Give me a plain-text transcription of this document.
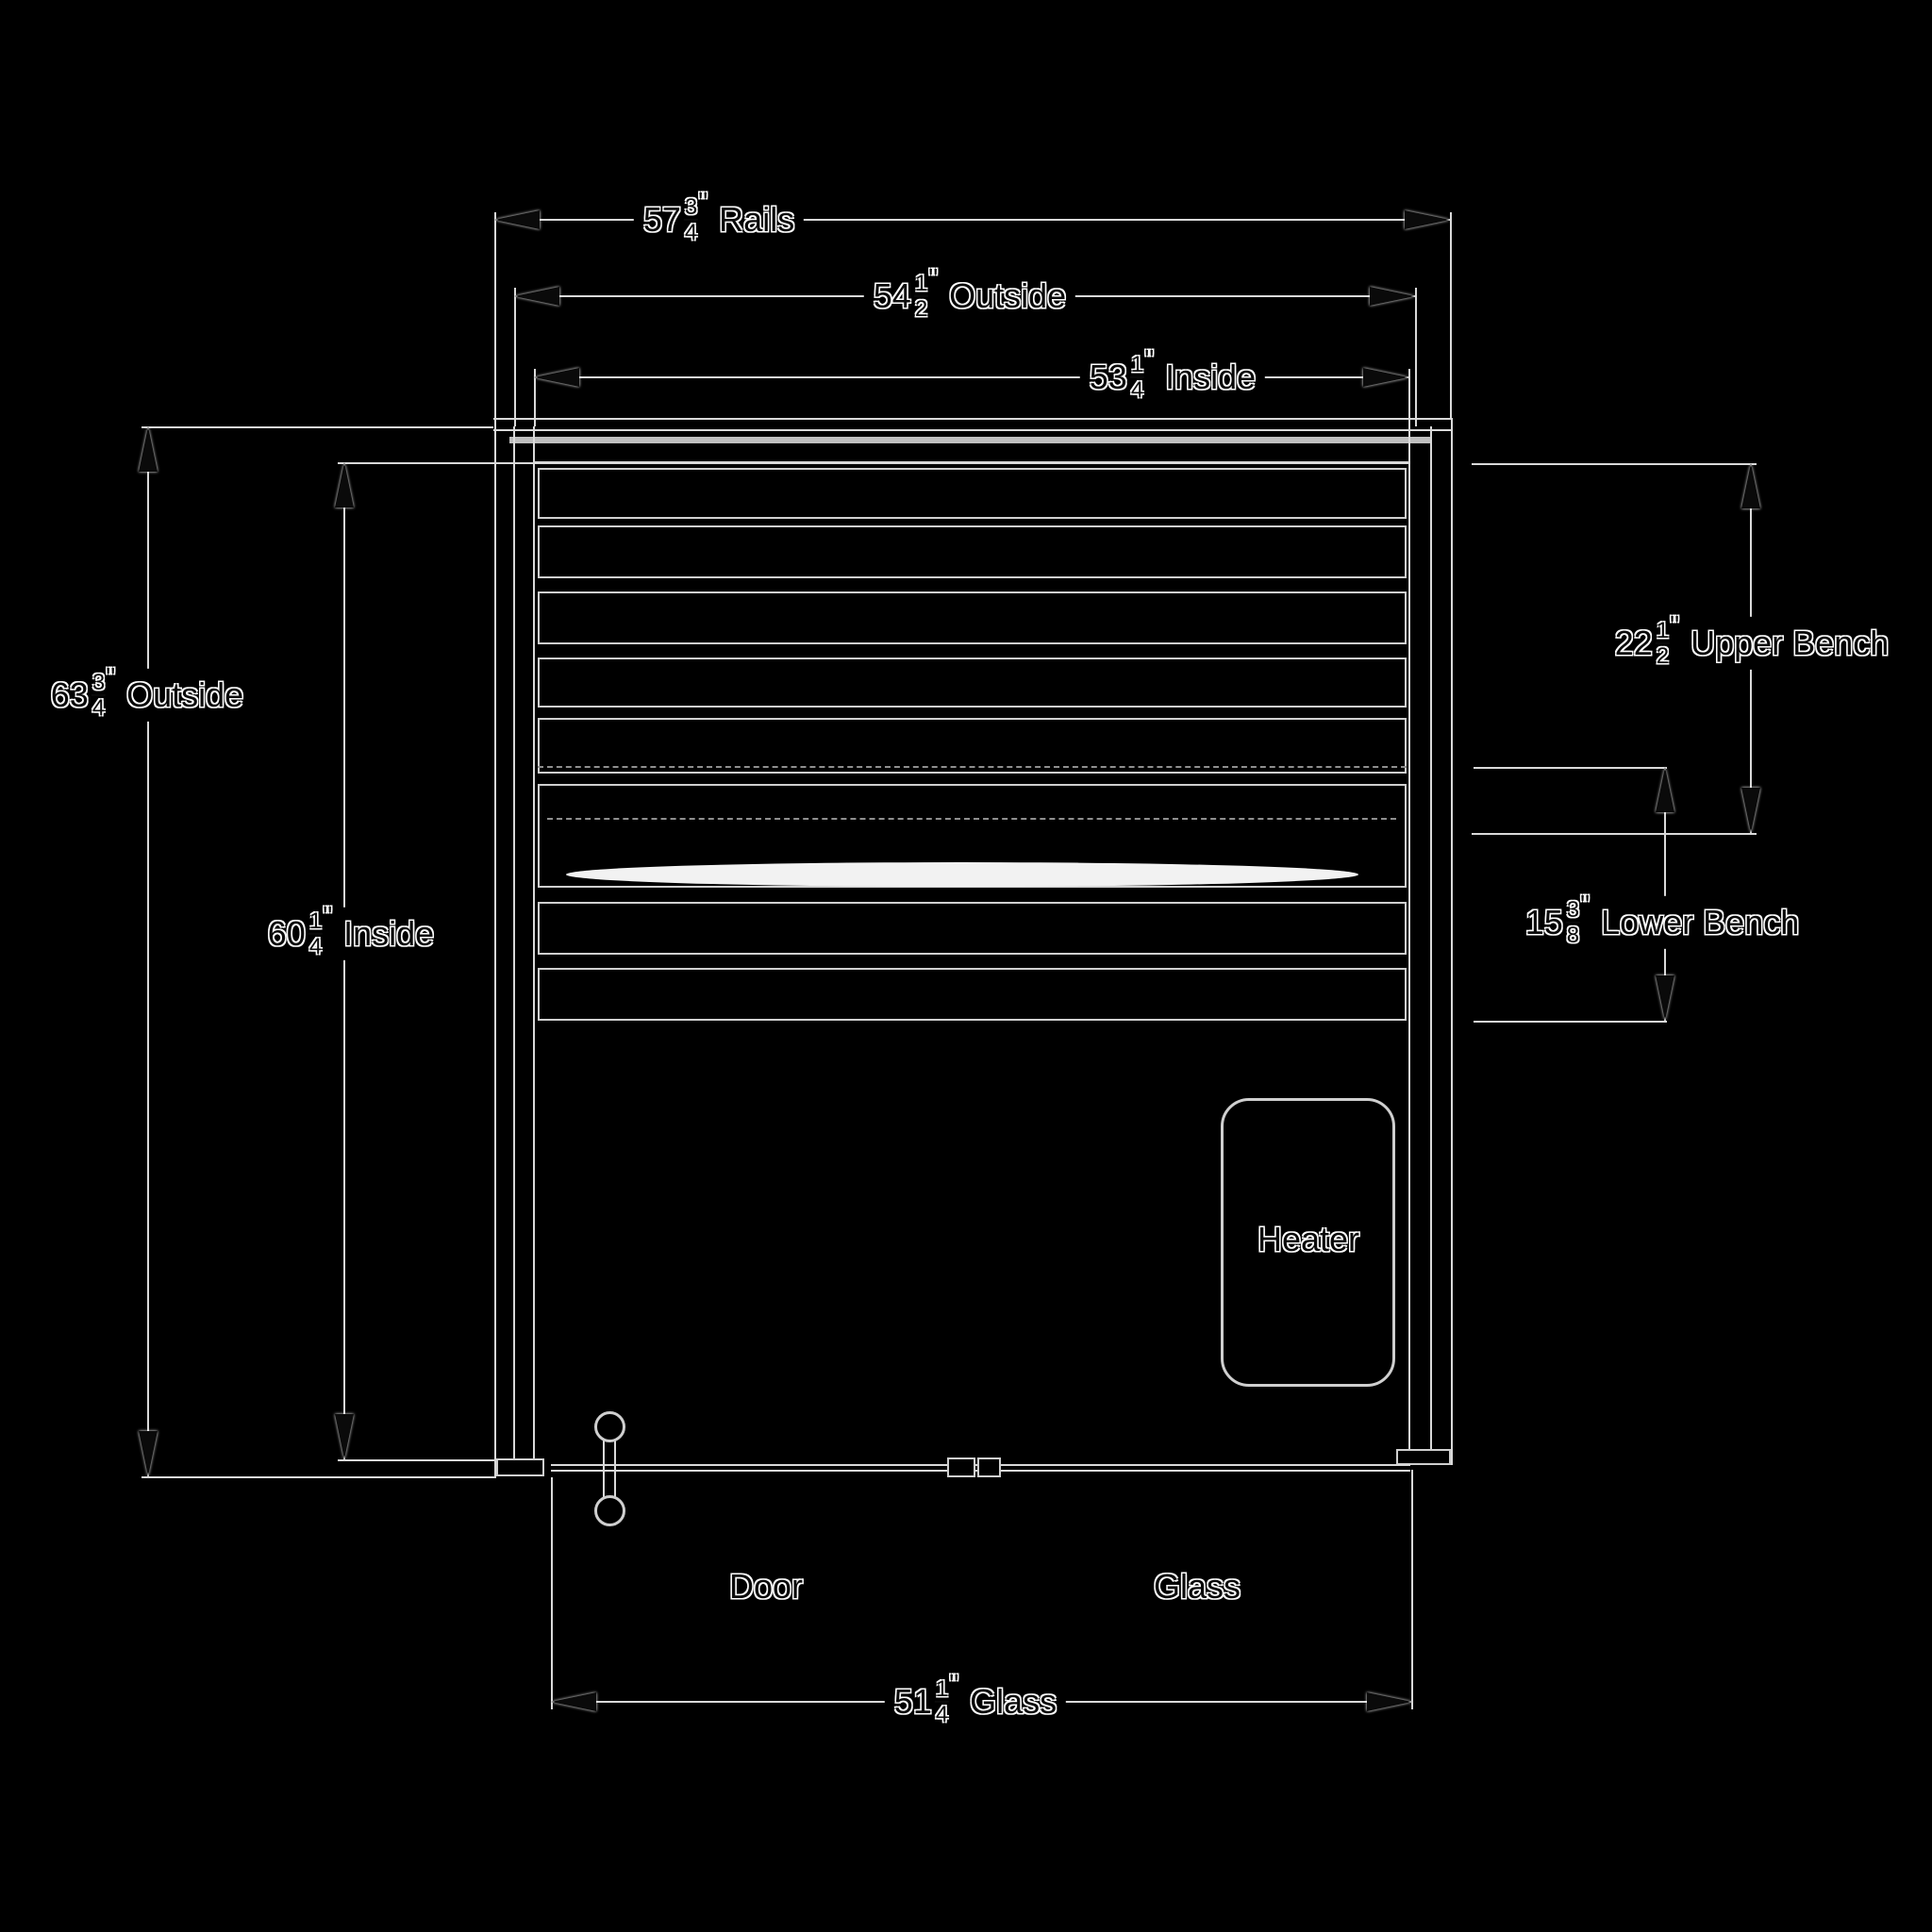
Heater
Door	Glass
$57 \frac{3}{4}$ " Rails
$54 \frac{1}{2}$ " Outside
$53 \frac{1}{4}$ " Inside
$63 \frac{3}{4}$ " Outside
$60 \frac{1}{4}$ " Inside
$22 \frac{1}{2}$ " Upper Bench
$15 \frac{3}{8}$ " Lower Bench
$51 \frac{1}{4}$ " Glass
